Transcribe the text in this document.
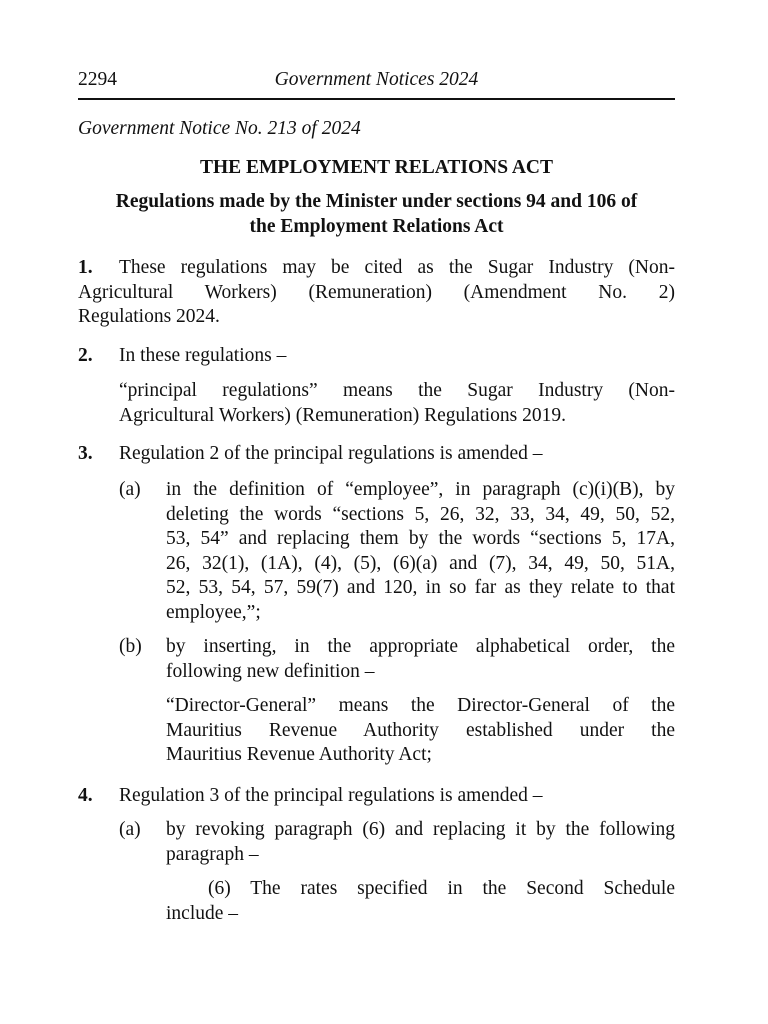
2294	Government Notices 2024
Government Notice No. 213 of 2024
THE EMPLOYMENT RELATIONS ACT
Regulations made by the Minister under sections 94 and 106 of
the Employment Relations Act
1.	These regulations may be cited as the Sugar Industry (Non-
Agricultural Workers) (Remuneration) (Amendment No. 2)
Regulations 2024.
2. In these regulations –
“principal regulations” means the Sugar Industry (Non-
Agricultural Workers) (Remuneration) Regulations 2019.
3. Regulation 2 of the principal regulations is amended –
(a) in the definition of “employee”, in paragraph (c)(i)(B), by
deleting the words “sections 5, 26, 32, 33, 34, 49, 50, 52,
53, 54” and replacing them by the words “sections 5, 17A,
26, 32(1), (1A), (4), (5), (6)(a) and (7), 34, 49, 50, 51A,
52, 53, 54, 57, 59(7) and 120, in so far as they relate to that
employee,”;
(b) by inserting, in the appropriate alphabetical order, the
following new definition –
“Director-General” means the Director-General of the
Mauritius Revenue Authority established under the
Mauritius Revenue Authority Act;
4. Regulation 3 of the principal regulations is amended –
(a) by revoking paragraph (6) and replacing it by the following
paragraph –
(6) The rates specified in the Second Schedule
include –
